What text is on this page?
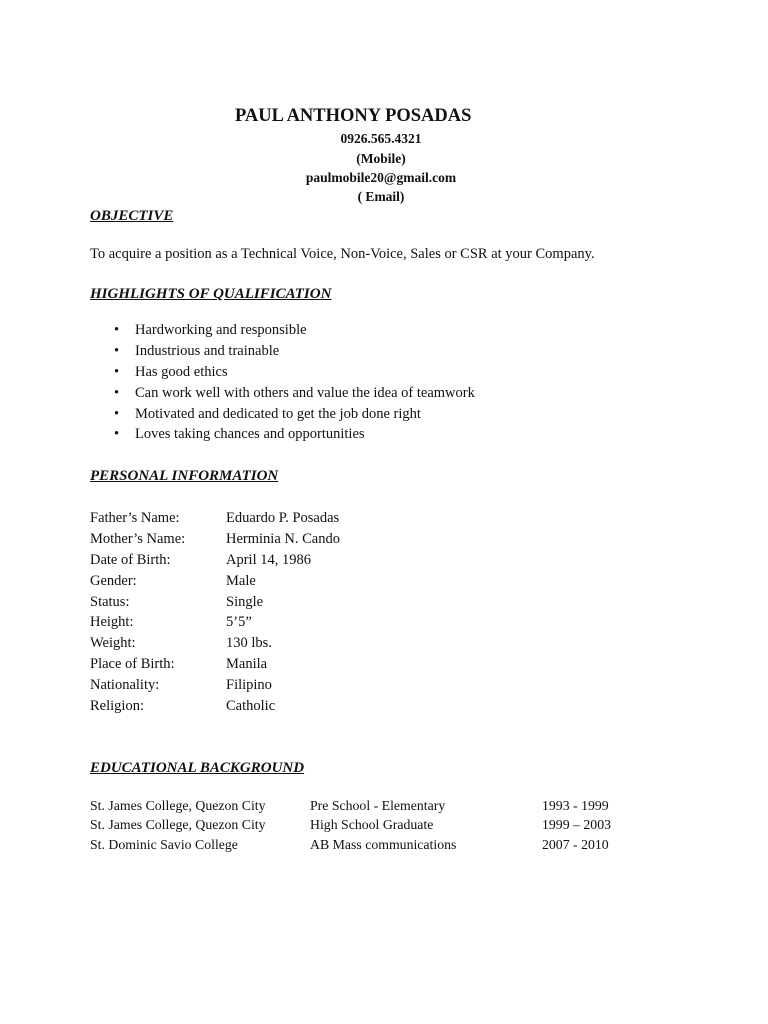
PAUL ANTHONY POSADAS
0926.565.4321
(Mobile)
paulmobile20@gmail.com
( Email)
OBJECTIVE
To acquire a position as a Technical Voice, Non-Voice, Sales or CSR at your Company.
HIGHLIGHTS OF QUALIFICATION
• Hardworking and responsible
• Industrious and trainable
• Has good ethics
• Can work well with others and value the idea of teamwork
• Motivated and dedicated to get the job done right
• Loves taking chances and opportunities
PERSONAL INFORMATION
Father’s Name:	Eduardo P. Posadas
Mother’s Name:	Herminia N. Cando
Date of Birth:	April 14, 1986
Gender:	Male
Status:	Single
Height:	5’5”
Weight:	130 lbs.
Place of Birth:	Manila
Nationality:	Filipino
Religion:	Catholic
EDUCATIONAL BACKGROUND
St. James College, Quezon City	Pre School - Elementary	1993 - 1999
St. James College, Quezon City	High School Graduate	1999 – 2003
St. Dominic Savio College	AB Mass communications	2007 - 2010
